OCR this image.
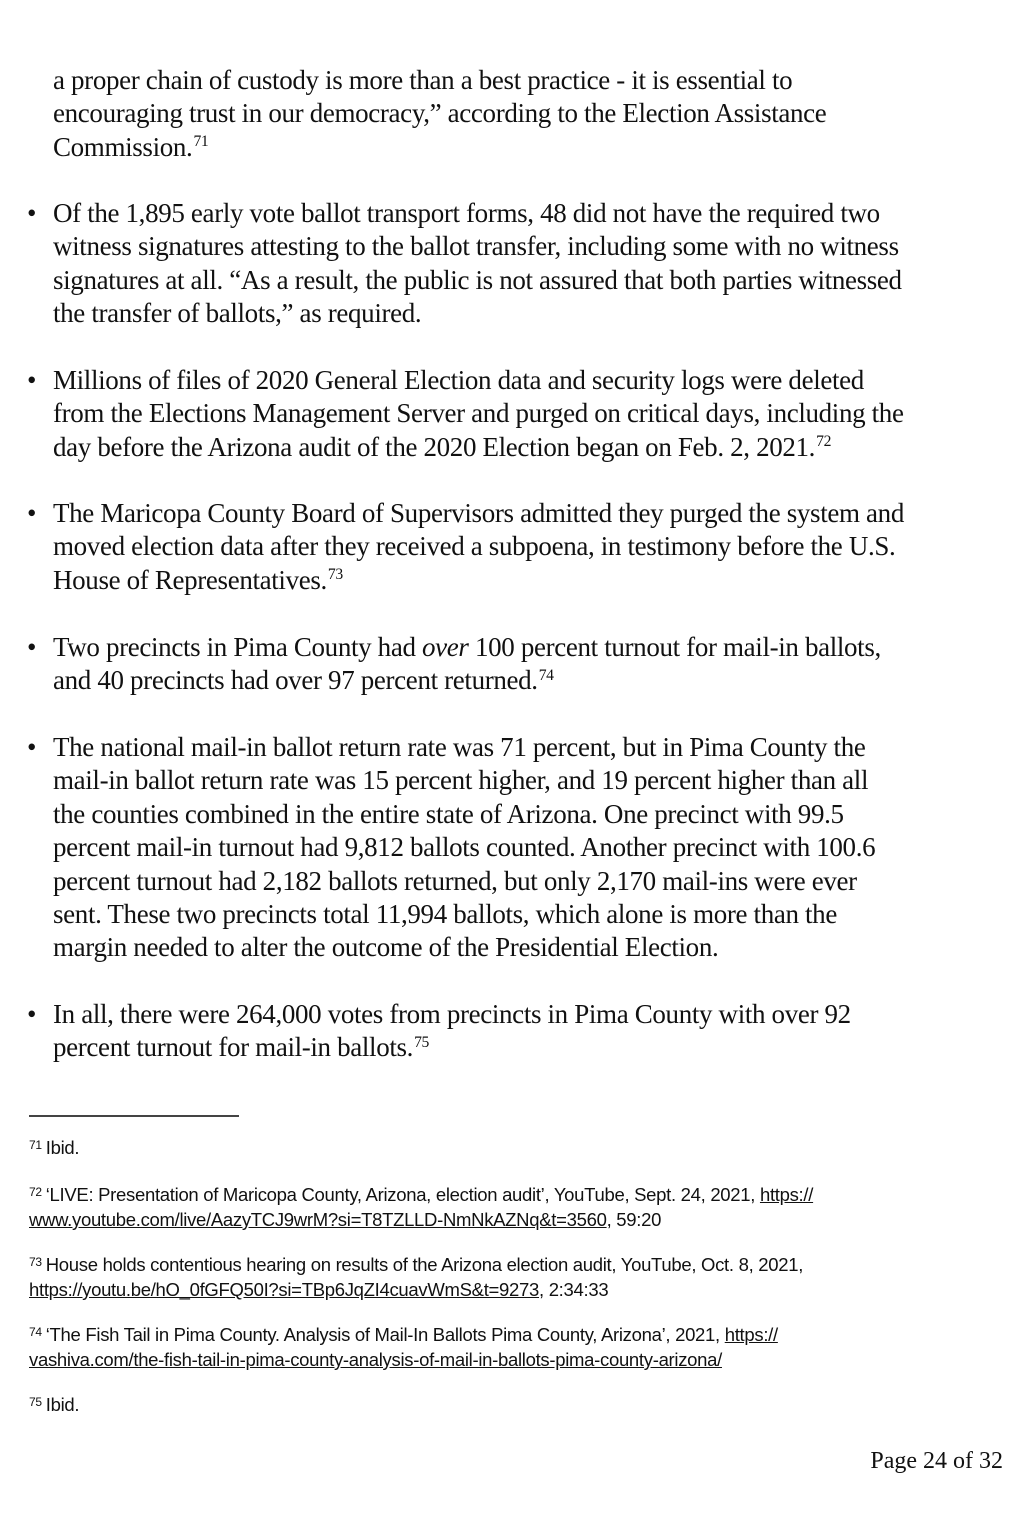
a proper chain of custody is more than a best practice - it is essential to
encouraging trust in our democracy,” according to the Election Assistance
Commission.$^{71}$
• Of the 1,895 early vote ballot transport forms, 48 did not have the required two
witness signatures attesting to the ballot transfer, including some with no witness
signatures at all. “As a result, the public is not assured that both parties witnessed
the transfer of ballots,” as required.
• Millions of files of 2020 General Election data and security logs were deleted
from the Elections Management Server and purged on critical days, including the
day before the Arizona audit of the 2020 Election began on Feb. 2, 2021.72
• The Maricopa County Board of Supervisors admitted they purged the system and
moved election data after they received a subpoena, in testimony before the U.S.
House of Representatives.$^{73}$
• Two precincts in Pima County had over 100 percent turnout for mail-in ballots,
and 40 precincts had over 97 percent returned.$^{74}$
• The national mail-in ballot return rate was 71 percent, but in Pima County the
mail-in ballot return rate was 15 percent higher, and 19 percent higher than all
the counties combined in the entire state of Arizona. One precinct with 99.5
percent mail-in turnout had 9,812 ballots counted. Another precinct with 100.6
percent turnout had 2,182 ballots returned, but only 2,170 mail-ins were ever
sent. These two precincts total 11,994 ballots, which alone is more than the
margin needed to alter the outcome of the Presidential Election.
• In all, there were 264,000 votes from precincts in Pima County with over 92
percent turnout for mail-in ballots.$^{75}$
$^{71}$ Ibid.
$^{72}$ ‘LIVE: Presentation of Maricopa County, Arizona, election audit’, YouTube, Sept. 24, 2021, https://
www.youtube.com/live/AazyTCJ9wrM?si=T8TZLLD-NmNkAZNq&t=3560, 59:20
$^{73}$ House holds contentious hearing on results of the Arizona election audit, YouTube, Oct. 8, 2021,
https://youtu.be/hO_0fGFQ50I?si=TBp6JqZI4cuavWmS&t=9273, 2:34:33
$^{74}$ ‘The Fish Tail in Pima County. Analysis of Mail-In Ballots Pima County, Arizona’, 2021, https://
vashiva.com/the-fish-tail-in-pima-county-analysis-of-mail-in-ballots-pima-county-arizona/
$^{75}$ Ibid.
Page 24 of 32
